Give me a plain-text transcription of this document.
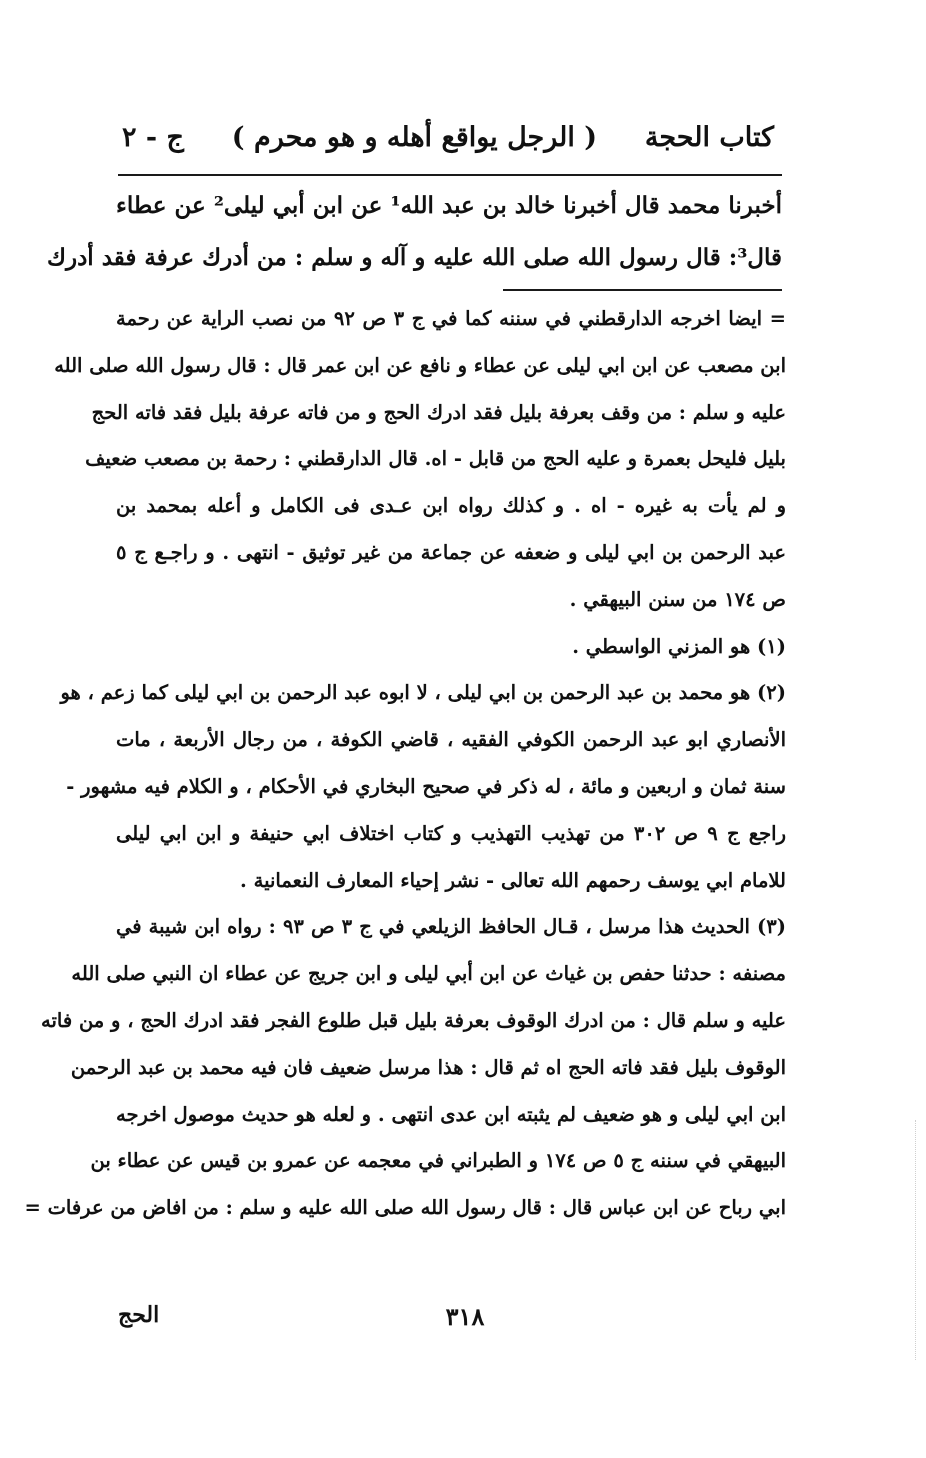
كتاب الحجة
( الرجل يواقع أهله و هو محرم )
ج - ٢
أخبرنا محمد قال أخبرنا خالد بن عبد الله¹ عن ابن أبي ليلى² عن عطاء
قال³: قال رسول الله صلى الله عليه و آله و سلم : من أدرك عرفة فقد أدرك
= ايضا اخرجه الدارقطني في سننه كما في ج ٣ ص ٩٢ من نصب الراية عن رحمة
ابن مصعب عن ابن ابي ليلى عن عطاء و نافع عن ابن عمر قال : قال رسول الله صلى الله
عليه و سلم : من وقف بعرفة بليل فقد ادرك الحج و من فاته عرفة بليل فقد فاته الحج
بليل فليحل بعمرة و عليه الحج من قابل - اه. قال الدارقطني : رحمة بن مصعب ضعيف
و لم يأت به غيره - اه . و كذلك رواه ابن عـدى فى الكامل و أعله بمحمد بن
عبد الرحمن بن ابي ليلى و ضعفه عن جماعة من غير توثيق - انتهى . و راجـع ج ٥
ص ١٧٤ من سنن البيهقي .
(١) هو المزني الواسطي .
(٢) هو محمد بن عبد الرحمن بن ابي ليلى ، لا ابوه عبد الرحمن بن ابي ليلى كما زعم ، هو
الأنصاري ابو عبد الرحمن الكوفي الفقيه ، قاضي الكوفة ، من رجال الأربعة ، مات
سنة ثمان و اربعين و مائة ، له ذكر في صحيح البخاري في الأحكام ، و الكلام فيه مشهور -
راجع ج ٩ ص ٣٠٢ من تهذيب التهذيب و كتاب اختلاف ابي حنيفة و ابن ابي ليلى
للامام ابي يوسف رحمهم الله تعالى - نشر إحياء المعارف النعمانية .
(٣) الحديث هذا مرسل ، قـال الحافظ الزيلعي في ج ٣ ص ٩٣ : رواه ابن شيبة في
مصنفه : حدثنا حفص بن غياث عن ابن أبي ليلى و ابن جريج عن عطاء ان النبي صلى الله
عليه و سلم قال : من ادرك الوقوف بعرفة بليل قبل طلوع الفجر فقد ادرك الحج ، و من فاته
الوقوف بليل فقد فاته الحج اه ثم قال : هذا مرسل ضعيف فان فيه محمد بن عبد الرحمن
ابن ابي ليلى و هو ضعيف لم يثبته ابن عدى انتهى . و لعله هو حديث موصول اخرجه
البيهقي في سننه ج ٥ ص ١٧٤ و الطبراني في معجمه عن عمرو بن قيس عن عطاء بن
ابي رباح عن ابن عباس قال : قال رسول الله صلى الله عليه و سلم : من افاض من عرفات =
٣١٨
الحج
